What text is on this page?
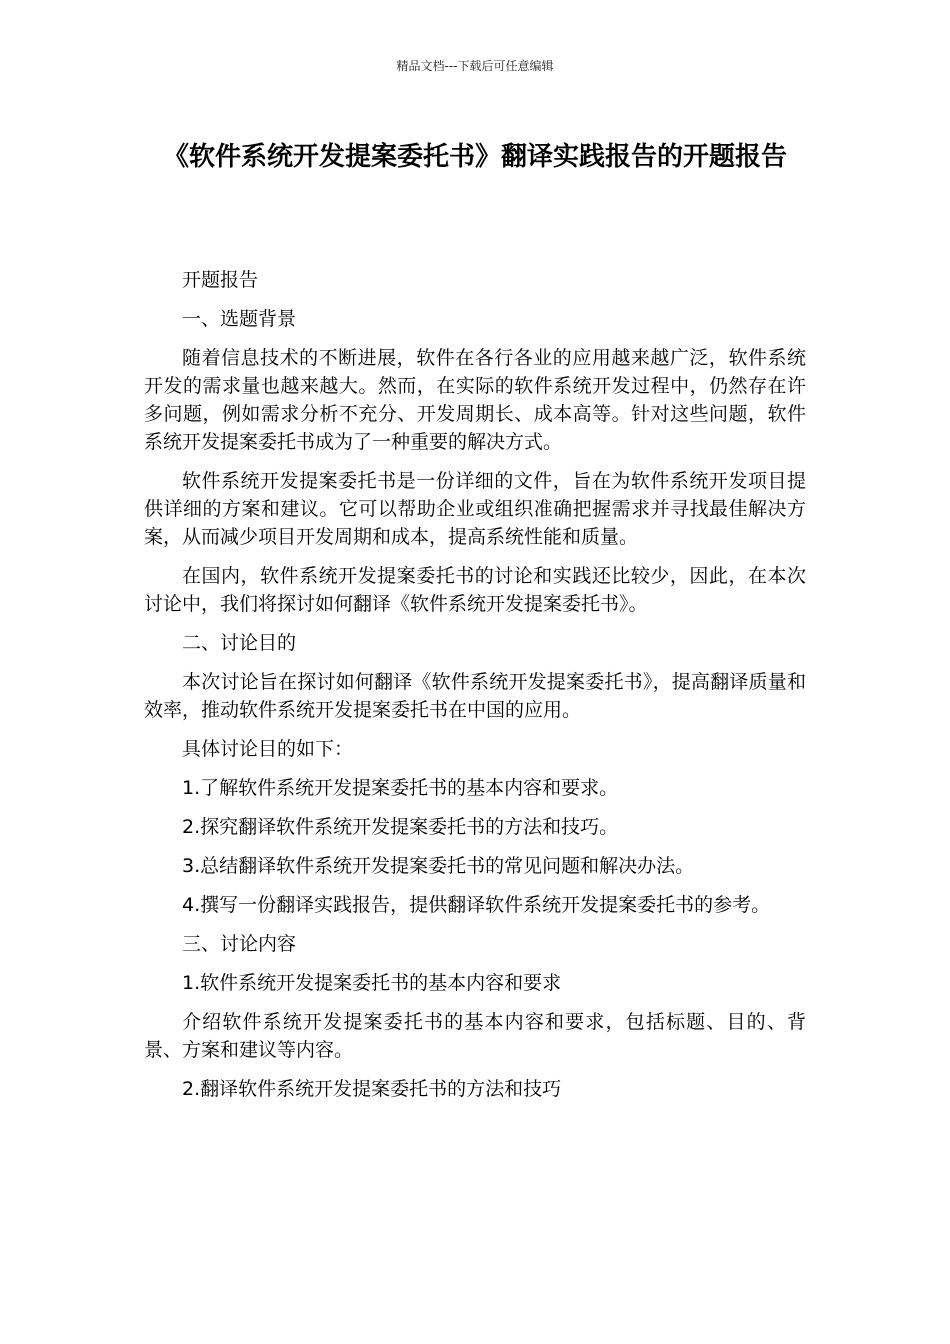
精品文档---下载后可任意编辑
《软件系统开发提案委托书》翻译实践报告的开题报告

开题报告

一、选题背景

随着信息技术的不断进展，软件在各行各业的应用越来越广泛，软件系统开发的需求量也越来越大。然而，在实际的软件系统开发过程中，仍然存在许多问题，例如需求分析不充分、开发周期长、成本高等。针对这些问题，软件系统开发提案委托书成为了一种重要的解决方式。

软件系统开发提案委托书是一份详细的文件，旨在为软件系统开发项目提供详细的方案和建议。它可以帮助企业或组织准确把握需求并寻找最佳解决方案，从而减少项目开发周期和成本，提高系统性能和质量。

在国内，软件系统开发提案委托书的讨论和实践还比较少，因此，在本次讨论中，我们将探讨如何翻译《软件系统开发提案委托书》。

二、讨论目的

本次讨论旨在探讨如何翻译《软件系统开发提案委托书》，提高翻译质量和效率，推动软件系统开发提案委托书在中国的应用。

具体讨论目的如下：

1.了解软件系统开发提案委托书的基本内容和要求。

2.探究翻译软件系统开发提案委托书的方法和技巧。

3.总结翻译软件系统开发提案委托书的常见问题和解决办法。

4.撰写一份翻译实践报告，提供翻译软件系统开发提案委托书的参考。

三、讨论内容

1.软件系统开发提案委托书的基本内容和要求

介绍软件系统开发提案委托书的基本内容和要求，包括标题、目的、背景、方案和建议等内容。

2.翻译软件系统开发提案委托书的方法和技巧
